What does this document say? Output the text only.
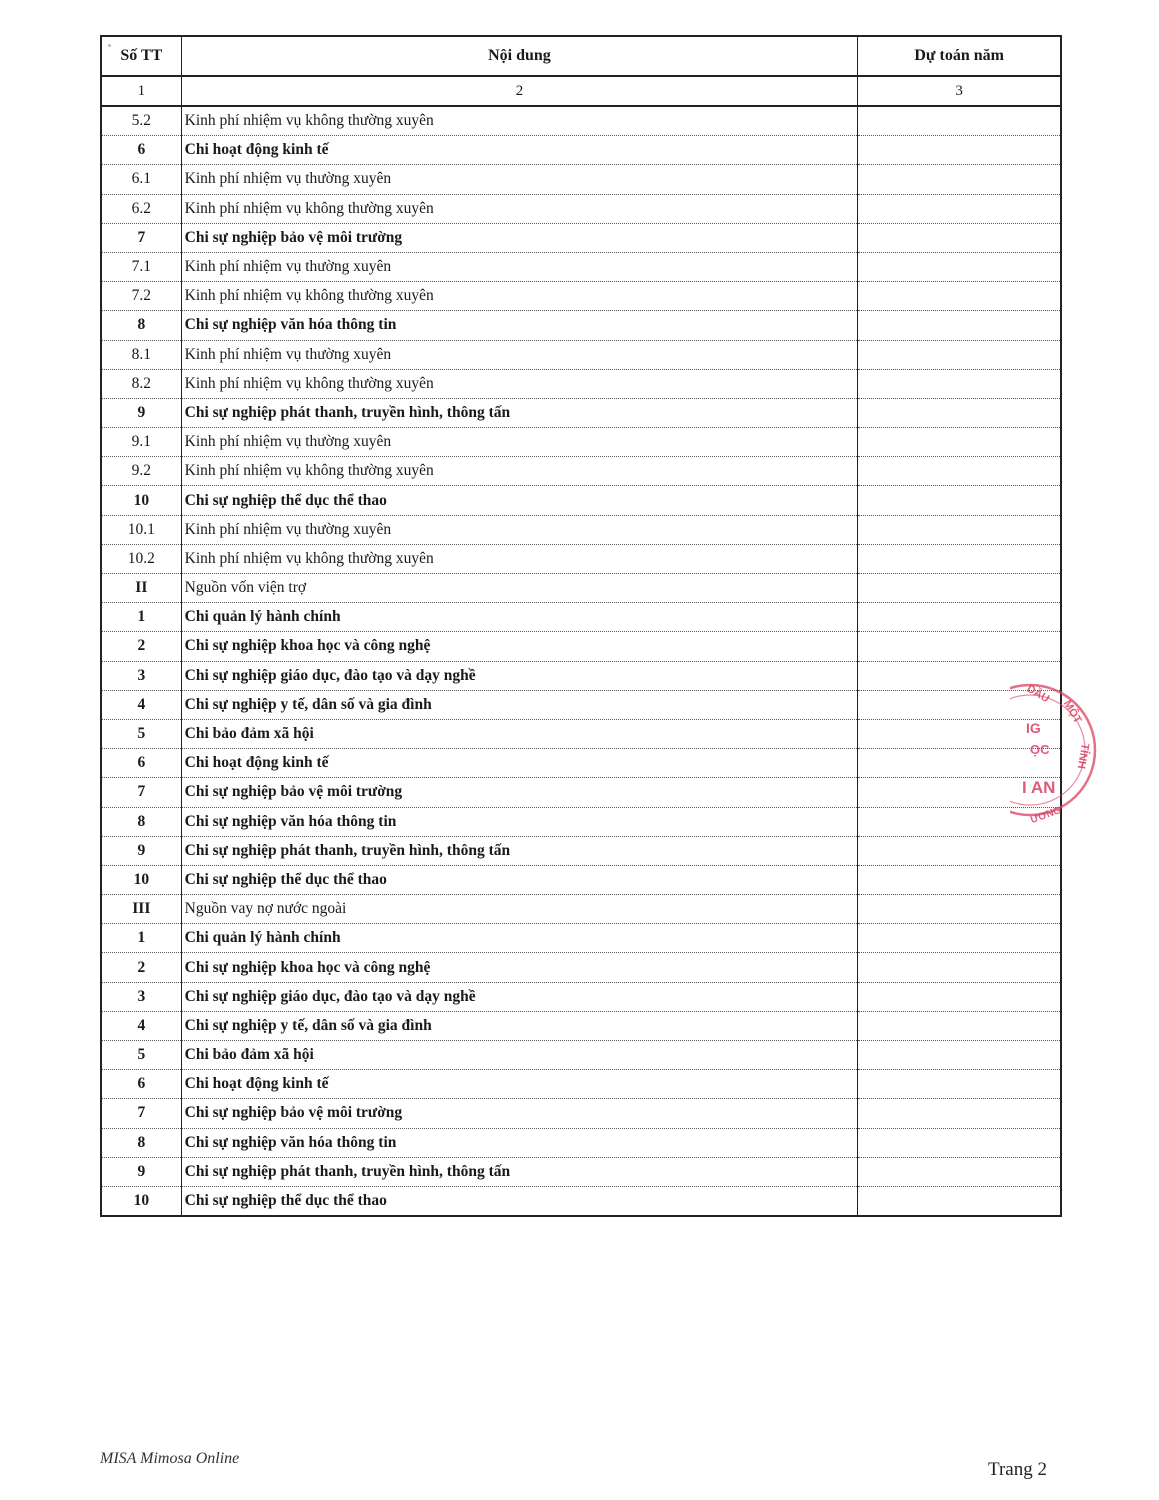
Số TT	Nội dung	Dự toán năm
1	2	3
5.2	Kinh phí nhiệm vụ không thường xuyên	
6	Chi hoạt động kinh tế	
6.1	Kinh phí nhiệm vụ thường xuyên	
6.2	Kinh phí nhiệm vụ không thường xuyên	
7	Chi sự nghiệp bảo vệ môi trường	
7.1	Kinh phí nhiệm vụ thường xuyên	
7.2	Kinh phí nhiệm vụ không thường xuyên	
8	Chi sự nghiệp văn hóa thông tin	
8.1	Kinh phí nhiệm vụ thường xuyên	
8.2	Kinh phí nhiệm vụ không thường xuyên	
9	Chi sự nghiệp phát thanh, truyền hình, thông tấn	
9.1	Kinh phí nhiệm vụ thường xuyên	
9.2	Kinh phí nhiệm vụ không thường xuyên	
10	Chi sự nghiệp thể dục thể thao	
10.1	Kinh phí nhiệm vụ thường xuyên	
10.2	Kinh phí nhiệm vụ không thường xuyên	
II	Nguồn vốn viện trợ	
1	Chi quản lý hành chính	
2	Chi sự nghiệp khoa học và công nghệ	
3	Chi sự nghiệp giáo dục, đào tạo và dạy nghề	
4	Chi sự nghiệp y tế, dân số và gia đình	
5	Chi bảo đảm xã hội	
6	Chi hoạt động kinh tế	
7	Chi sự nghiệp bảo vệ môi trường	
8	Chi sự nghiệp văn hóa thông tin	
9	Chi sự nghiệp phát thanh, truyền hình, thông tấn	
10	Chi sự nghiệp thể dục thể thao	
III	Nguồn vay nợ nước ngoài	
1	Chi quản lý hành chính	
2	Chi sự nghiệp khoa học và công nghệ	
3	Chi sự nghiệp giáo dục, đào tạo và dạy nghề	
4	Chi sự nghiệp y tế, dân số và gia đình	
5	Chi bảo đảm xã hội	
6	Chi hoạt động kinh tế	
7	Chi sự nghiệp bảo vệ môi trường	
8	Chi sự nghiệp văn hóa thông tin	
9	Chi sự nghiệp phát thanh, truyền hình, thông tấn	
10	Chi sự nghiệp thể dục thể thao	
DẦU
MỘT
TỈNH
IG
ỌC
I AN
ƯƠNG
MISA Mimosa Online
Trang 2
